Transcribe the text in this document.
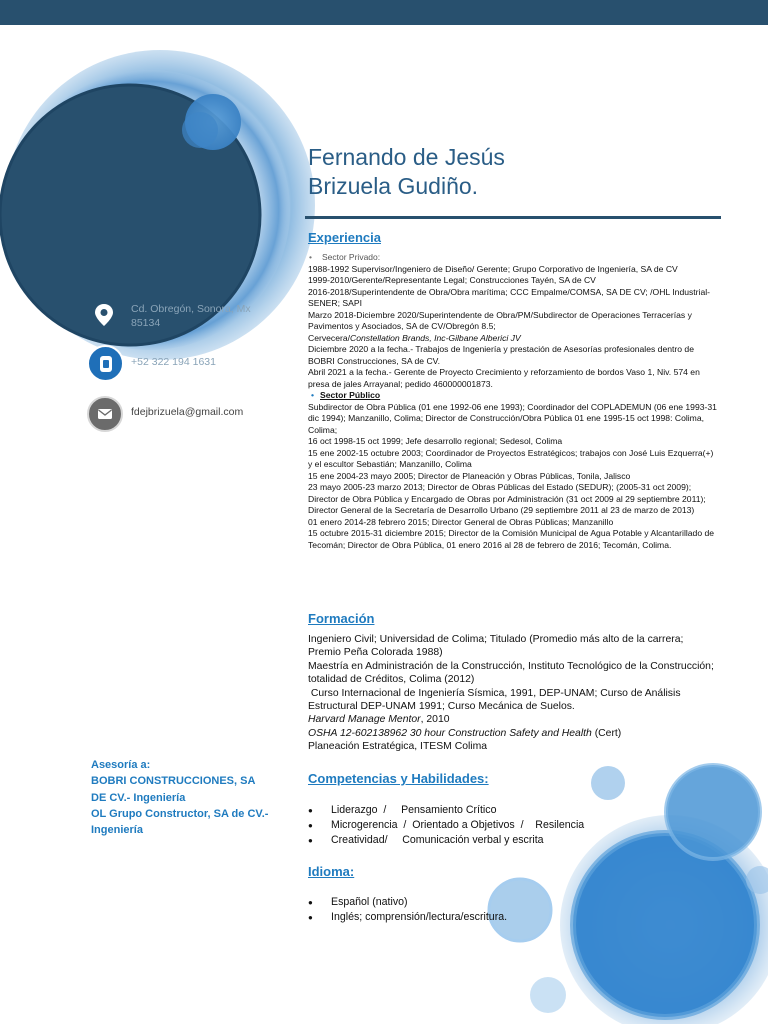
Fernando de Jesús
Brizuela Gudiño.
Cd. Obregón, Sonora, Mx 85134
+52 322 194 1631
fdejbrizuela@gmail.com
Asesoría a:
BOBRI CONSTRUCCIONES, SA DE CV.- Ingeniería
OL Grupo Constructor, SA de CV.- Ingeniería
Experiencia
• Sector Privado:
1988-1992 Supervisor/Ingeniero de Diseño/ Gerente; Grupo Corporativo de Ingeniería, SA de CV
1999-2010/Gerente/Representante Legal; Construcciones Tayén, SA de CV
2016-2018/Superintendente de Obra/Obra marítima; CCC Empalme/COMSA, SA DE CV; /OHL Industrial-SENER; SAPI
Marzo 2018-Diciembre 2020/Superintendente de Obra/PM/Subdirector de Operaciones Terracerías y Pavimentos y Asociados, SA de CV/Obregón 8.5;
Cervecera/Constellation Brands, Inc-Gilbane Alberici JV
Diciembre 2020 a la fecha.- Trabajos de Ingeniería y prestación de Asesorías profesionales dentro de BOBRI Construcciones, SA de CV.
Abril 2021 a la fecha.- Gerente de Proyecto Crecimiento y reforzamiento de bordos Vaso 1, Niv. 574 en presa de jales Arrayanal; pedido 460000001873.
• Sector Público
Subdirector de Obra Pública (01 ene 1992-06 ene 1993); Coordinador del COPLADEMUN (06 ene 1993-31 dic 1994); Manzanillo, Colima; Director de Construcción/Obra Pública 01 ene 1995-15 oct 1998: Colima, Colima;
16 oct 1998-15 oct 1999; Jefe desarrollo regional; Sedesol, Colima
15 ene 2002-15 octubre 2003; Coordinador de Proyectos Estratégicos; trabajos con José Luis Ezquerra(+) y el escultor Sebastián; Manzanillo, Colima
15 ene 2004-23 mayo 2005; Director de Planeación y Obras Públicas, Tonila, Jalisco
23 mayo 2005-23 marzo 2013; Director de Obras Públicas del Estado (SEDUR); (2005-31 oct 2009); Director de Obra Pública y Encargado de Obras por Administración (31 oct 2009 al 29 septiembre 2011); Director General de la Secretaría de Desarrollo Urbano (29 septiembre 2011 al 23 de marzo de 2013)
01 enero 2014-28 febrero 2015; Director General de Obras Públicas; Manzanillo
15 octubre 2015-31 diciembre 2015; Director de la Comisión Municipal de Agua Potable y Alcantarillado de Tecomán; Director de Obra Pública, 01 enero 2016 al 28 de febrero de 2016; Tecomán, Colima.
Formación
Ingeniero Civil; Universidad de Colima; Titulado (Promedio más alto de la carrera; Premio Peña Colorada 1988)
Maestría en Administración de la Construcción, Instituto Tecnológico de la Construcción; totalidad de Créditos, Colima (2012)
Curso Internacional de Ingeniería Sísmica, 1991, DEP-UNAM; Curso de Análisis Estructural DEP-UNAM 1991; Curso Mecánica de Suelos.
Harvard Manage Mentor, 2010
OSHA 12-602138962 30 hour Construction Safety and Health (Cert)
Planeación Estratégica, ITESM Colima
Competencias y Habilidades:
● Liderazgo  /     Pensamiento Crítico
● Microgerencia  /  Orientado a Objetivos  /    Resilencia
● Creatividad/     Comunicación verbal y escrita
Idioma:
● Español (nativo)
● Inglés; comprensión/lectura/escritura.
